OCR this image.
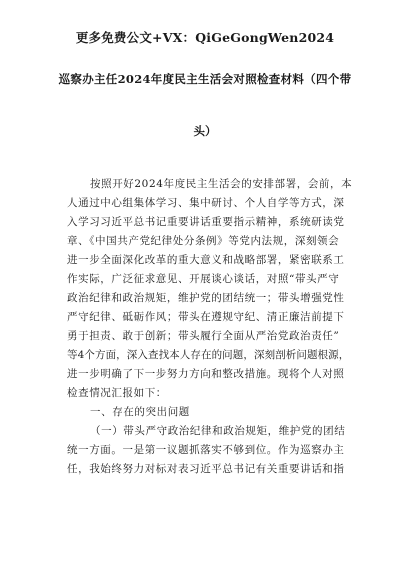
更多免费公文+VX：QiGeGongWen2024
巡察办主任2024年度民主生活会对照检查材料（四个带
头）
按照开好2024年度民主生活会的安排部署，会前，本
人通过中心组集体学习、集中研讨、个人自学等方式，深
入学习习近平总书记重要讲话重要指示精神，系统研读党
章、《中国共产党纪律处分条例》等党内法规，深刻领会
进一步全面深化改革的重大意义和战略部署，紧密联系工
作实际，广泛征求意见、开展谈心谈话，对照“带头严守
政治纪律和政治规矩，维护党的团结统一；带头增强党性
严守纪律、砥砺作风；带头在遵规守纪、清正廉洁前提下
勇于担责、敢于创新；带头履行全面从严治党政治责任”
等4个方面，深入查找本人存在的问题，深刻剖析问题根源，
进一步明确了下一步努力方向和整改措施。现将个人对照
检查情况汇报如下：
一、存在的突出问题
（一）带头严守政治纪律和政治规矩，维护党的团结
统一方面。一是第一议题抓落实不够到位。作为巡察办主
任，我始终努力对标对表习近平总书记有关重要讲话和指
